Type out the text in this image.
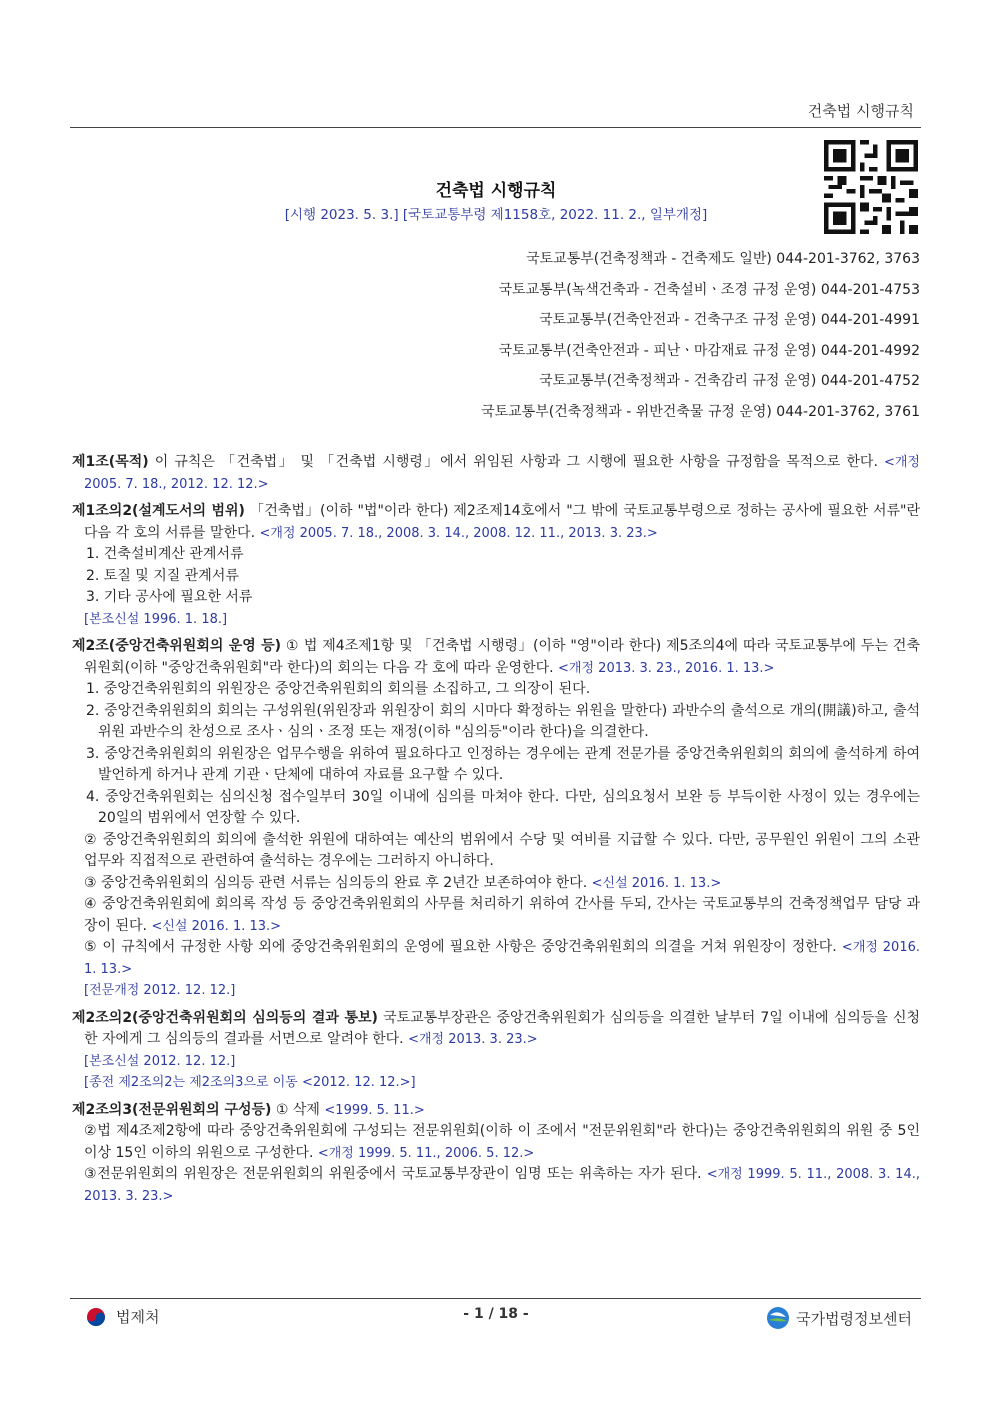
건축법 시행규칙
건축법 시행규칙
[시행 2023. 5. 3.] [국토교통부령 제1158호, 2022. 11. 2., 일부개정]
국토교통부(건축정책과 - 건축제도 일반) 044-201-3762, 3763
국토교통부(녹색건축과 - 건축설비ㆍ조경 규정 운영) 044-201-4753
국토교통부(건축안전과 - 건축구조 규정 운영) 044-201-4991
국토교통부(건축안전과 - 피난ㆍ마감재료 규정 운영) 044-201-4992
국토교통부(건축정책과 - 건축감리 규정 운영) 044-201-4752
국토교통부(건축정책과 - 위반건축물 규정 운영) 044-201-3762, 3761

제1조(목적) 이 규칙은 「건축법」 및 「건축법 시행령」에서 위임된 사항과 그 시행에 필요한 사항을 규정함을 목적으로 한다. <개정 2005. 7. 18., 2012. 12. 12.>

제1조의2(설계도서의 범위) 「건축법」(이하 "법"이라 한다) 제2조제14호에서 "그 밖에 국토교통부령으로 정하는 공사에 필요한 서류"란 다음 각 호의 서류를 말한다. <개정 2005. 7. 18., 2008. 3. 14., 2008. 12. 11., 2013. 3. 23.>

1. 건축설비계산 관계서류

2. 토질 및 지질 관계서류

3. 기타 공사에 필요한 서류

[본조신설 1996. 1. 18.]

제2조(중앙건축위원회의 운영 등) ① 법 제4조제1항 및 「건축법 시행령」(이하 "영"이라 한다) 제5조의4에 따라 국토교통부에 두는 건축위원회(이하 "중앙건축위원회"라 한다)의 회의는 다음 각 호에 따라 운영한다. <개정 2013. 3. 23., 2016. 1. 13.>

1. 중앙건축위원회의 위원장은 중앙건축위원회의 회의를 소집하고, 그 의장이 된다.

2. 중앙건축위원회의 회의는 구성위원(위원장과 위원장이 회의 시마다 확정하는 위원을 말한다) 과반수의 출석으로 개의(開議)하고, 출석위원 과반수의 찬성으로 조사ㆍ심의ㆍ조정 또는 재정(이하 "심의등"이라 한다)을 의결한다.

3. 중앙건축위원회의 위원장은 업무수행을 위하여 필요하다고 인정하는 경우에는 관계 전문가를 중앙건축위원회의 회의에 출석하게 하여 발언하게 하거나 관계 기관ㆍ단체에 대하여 자료를 요구할 수 있다.

4. 중앙건축위원회는 심의신청 접수일부터 30일 이내에 심의를 마쳐야 한다. 다만, 심의요청서 보완 등 부득이한 사정이 있는 경우에는 20일의 범위에서 연장할 수 있다.

② 중앙건축위원회의 회의에 출석한 위원에 대하여는 예산의 범위에서 수당 및 여비를 지급할 수 있다. 다만, 공무원인 위원이 그의 소관 업무와 직접적으로 관련하여 출석하는 경우에는 그러하지 아니하다.

③ 중앙건축위원회의 심의등 관련 서류는 심의등의 완료 후 2년간 보존하여야 한다. <신설 2016. 1. 13.>

④ 중앙건축위원회에 회의록 작성 등 중앙건축위원회의 사무를 처리하기 위하여 간사를 두되, 간사는 국토교통부의 건축정책업무 담당 과장이 된다. <신설 2016. 1. 13.>

⑤ 이 규칙에서 규정한 사항 외에 중앙건축위원회의 운영에 필요한 사항은 중앙건축위원회의 의결을 거쳐 위원장이 정한다. <개정 2016. 1. 13.>

[전문개정 2012. 12. 12.]

제2조의2(중앙건축위원회의 심의등의 결과 통보) 국토교통부장관은 중앙건축위원회가 심의등을 의결한 날부터 7일 이내에 심의등을 신청한 자에게 그 심의등의 결과를 서면으로 알려야 한다. <개정 2013. 3. 23.>

[본조신설 2012. 12. 12.]

[종전 제2조의2는 제2조의3으로 이동 <2012. 12. 12.>]

제2조의3(전문위원회의 구성등) ① 삭제 <1999. 5. 11.>

②법 제4조제2항에 따라 중앙건축위원회에 구성되는 전문위원회(이하 이 조에서 "전문위원회"라 한다)는 중앙건축위원회의 위원 중 5인 이상 15인 이하의 위원으로 구성한다. <개정 1999. 5. 11., 2006. 5. 12.>

③전문위원회의 위원장은 전문위원회의 위원중에서 국토교통부장관이 임명 또는 위촉하는 자가 된다. <개정 1999. 5. 11., 2008. 3. 14., 2013. 3. 23.>

법제처	- 1 / 18 -	국가법령정보센터
